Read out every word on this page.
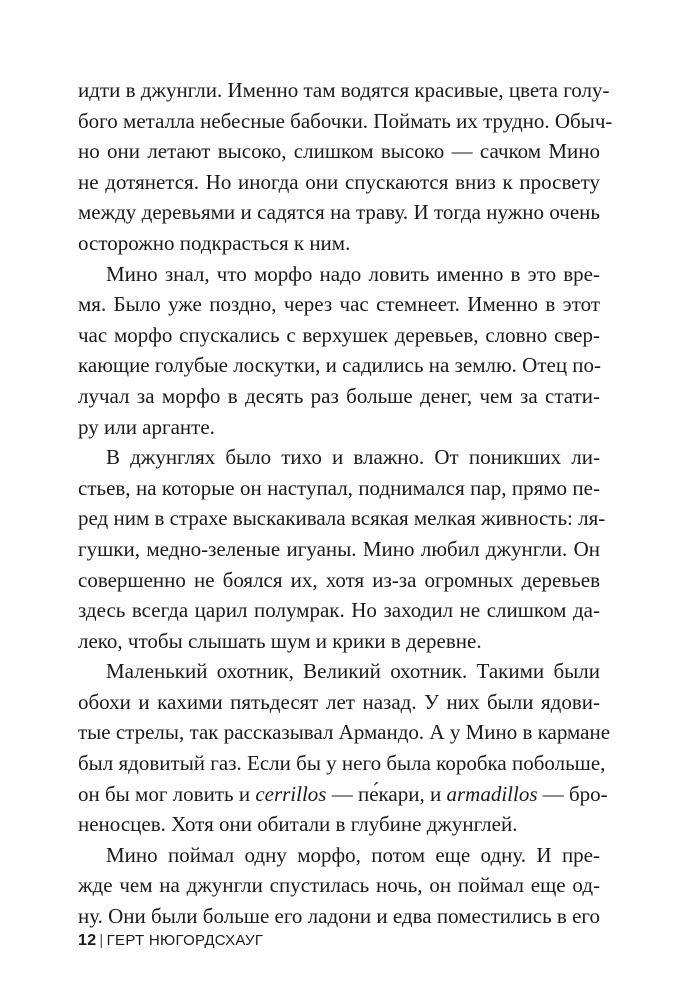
идти в джунгли. Именно там водятся красивые, цвета голу-
бого металла небесные бабочки. Поймать их трудно. Обыч-
но они летают высоко, слишком высоко — сачком Мино
не дотянется. Но иногда они спускаются вниз к просвету
между деревьями и садятся на траву. И тогда нужно очень
осторожно подкрасться к ним.
Мино знал, что морфо надо ловить именно в это вре-
мя. Было уже поздно, через час стемнеет. Именно в этот
час морфо спускались с верхушек деревьев, словно свер-
кающие голубые лоскутки, и садились на землю. Отец по-
лучал за морфо в десять раз больше денег, чем за стати-
ру или арганте.
В джунглях было тихо и влажно. От поникших ли-
стьев, на которые он наступал, поднимался пар, прямо пе-
ред ним в страхе выскакивала всякая мелкая живность: ля-
гушки, медно-зеленые игуаны. Мино любил джунгли. Он
совершенно не боялся их, хотя из-за огромных деревьев
здесь всегда царил полумрак. Но заходил не слишком да-
леко, чтобы слышать шум и крики в деревне.
Маленький охотник, Великий охотник. Такими были
обохи и кахими пятьдесят лет назад. У них были ядови-
тые стрелы, так рассказывал Армандо. А у Мино в кармане
был ядовитый газ. Если бы у него была коробка побольше,
он бы мог ловить и cerrillos — пе́кари, и armadillos — бро-
неносцев. Хотя они обитали в глубине джунглей.
Мино поймал одну морфо, потом еще одну. И пре-
жде чем на джунгли спустилась ночь, он поймал еще од-
ну. Они были больше его ладони и едва поместились в его
12 | ГЕРТ НЮГОРДСХАУГ
